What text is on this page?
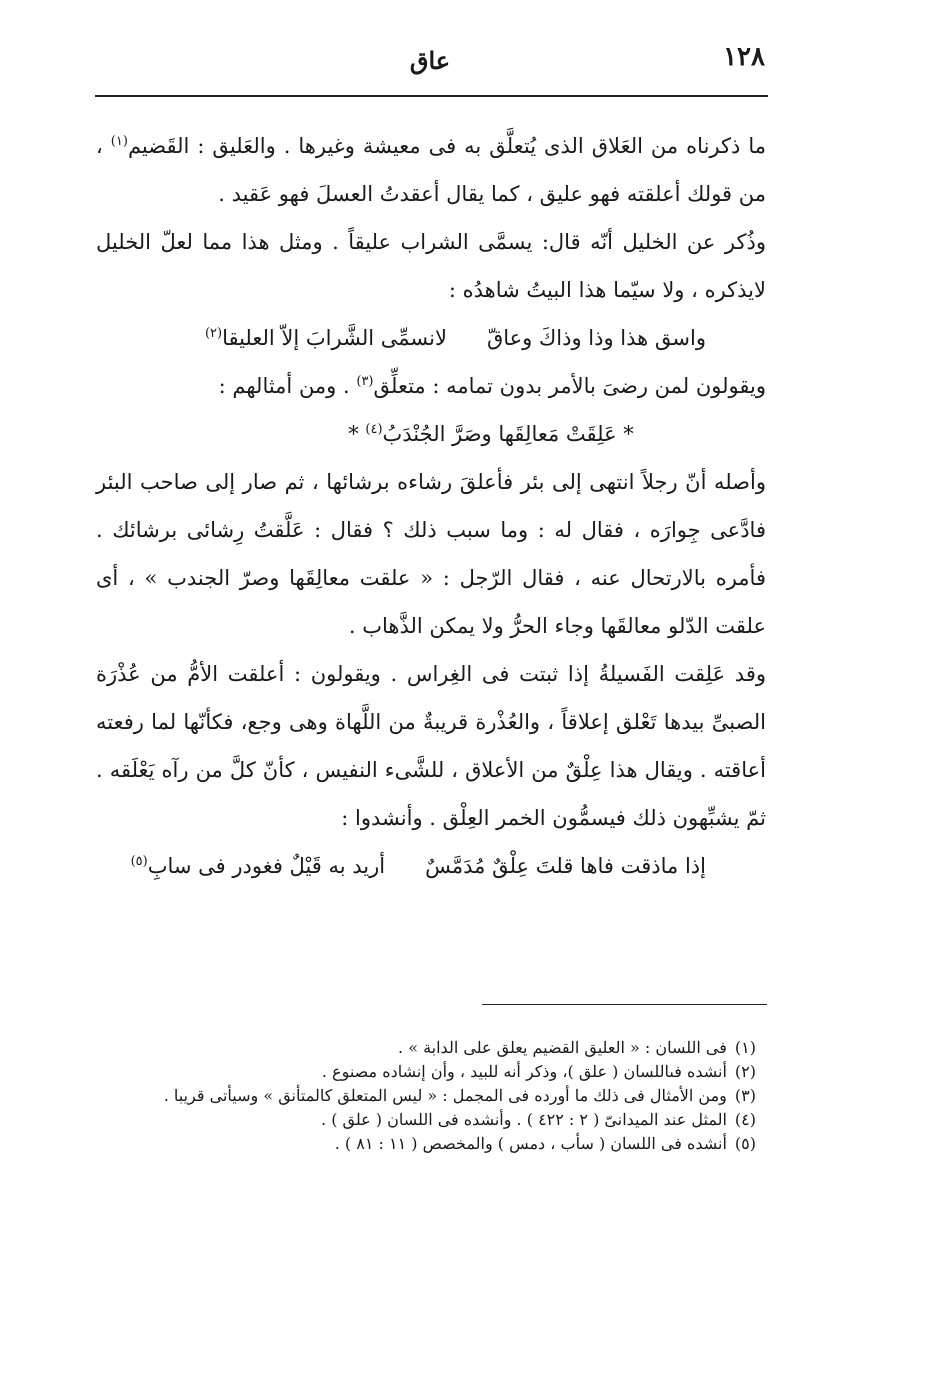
١٢٨
عاق

ما ذكرناه من العَلاق الذى يُتعلَّق به فى معيشة وغيرها . والعَليق : القَضيم$^{(١)}$ ، من قولك أعلقته فهو عليق ، كما يقال أعقدتُ العسلَ فهو عَقيد .

وذُكر عن الخليل أنّه قال: يسمَّى الشراب عليقاً . ومثل هذا مما لعلّ الخليل لايذكره ، ولا سيّما هذا البيتُ شاهدُه :

واسق هذا وذا وذاكَ وعاقّلانسمِّى الشَّرابَ إلاّ العليقا$^{(٢)}$

ويقولون لمن رضىَ بالأمر بدون تمامه : متعلِّق$^{(٣)}$ . ومن أمثالهم :

* عَلِقَتْ مَعالِقَها وصَرَّ الجُنْدَبُ$^{(٤)}$ *

وأصله أنّ رجلاً انتهى إلى بئر فأعلقَ رشاءه برشائها ، ثم صار إلى صاحب البئر فادَّعى جِوارَه ، فقال له : وما سبب ذلك ؟ فقال : عَلَّقتُ رِشائى برشائك . فأمره بالارتحال عنه ، فقال الرّجل : « علقت معالِقَها وصرّ الجندب » ، أى علقت الدّلو معالقَها وجاء الحرُّ ولا يمكن الذَّهاب .

وقد عَلِقت الفَسيلةُ إذا ثبتت فى الغِراس . ويقولون : أعلقت الأمُّ من عُذْرَة الصبىِّ بيدها تَعْلق إعلاقاً ، والعُذْرة قريبةٌ من اللَّهاة وهى وجع، فكأنّها لما رفعته أعاقته . ويقال هذا عِلْقٌ من الأعلاق ، للشَّىء النفيس ، كأنّ كلَّ من رآه يَعْلَقه . ثمّ يشبِّهون ذلك فيسمُّون الخمر العِلْق . وأنشدوا :

إذا ماذقت فاها قلتَ عِلْقٌ مُدَمَّسٌأريد به قَيْلٌ فغودر فى سابِ$^{(٥)}$
(١)فى اللسان : « العليق القضيم يعلق على الدابة » .
(٢)أنشده فىاللسان ( علق )، وذكر أنه للبيد ، وأن إنشاده مصنوع .
(٣)ومن الأمثال فى ذلك ما أورده فى المجمل : « ليس المتعلق كالمتأنق » وسيأتى قريبا .
(٤)المثل عند الميدانىّ ( ٢ : ٤٢٢ ) . وأنشده فى اللسان ( علق ) .
(٥)أنشده فى اللسان ( سأب ، دمس ) والمخصص ( ١١ : ٨١ ) .
